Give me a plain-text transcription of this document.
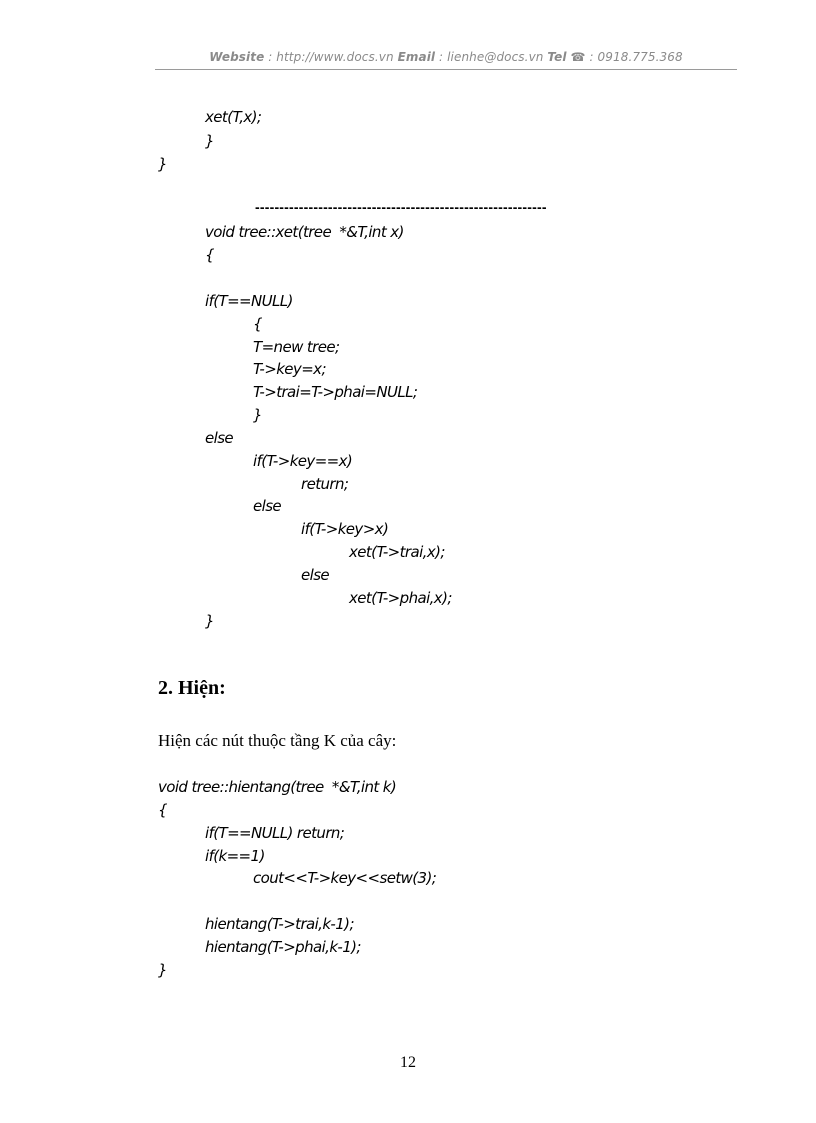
Website : http://www.docs.vn Email : lienhe@docs.vn Tel ☎ : 0918.775.368
xet(T,x);
}
}
------------------------------------------------------------
void tree::xet(tree  *&T,int x)
{
if(T==NULL)
{
T=new tree;
T->key=x;
T->trai=T->phai=NULL;
}
else
if(T->key==x)
return;
else
if(T->key>x)
xet(T->trai,x);
else
xet(T->phai,x);
}
2. Hiện:
Hiện các nút thuộc tầng K của cây:
void tree::hientang(tree  *&T,int k)
{
if(T==NULL) return;
if(k==1)
cout<<T->key<<setw(3);
hientang(T->trai,k-1);
hientang(T->phai,k-1);
}
12
